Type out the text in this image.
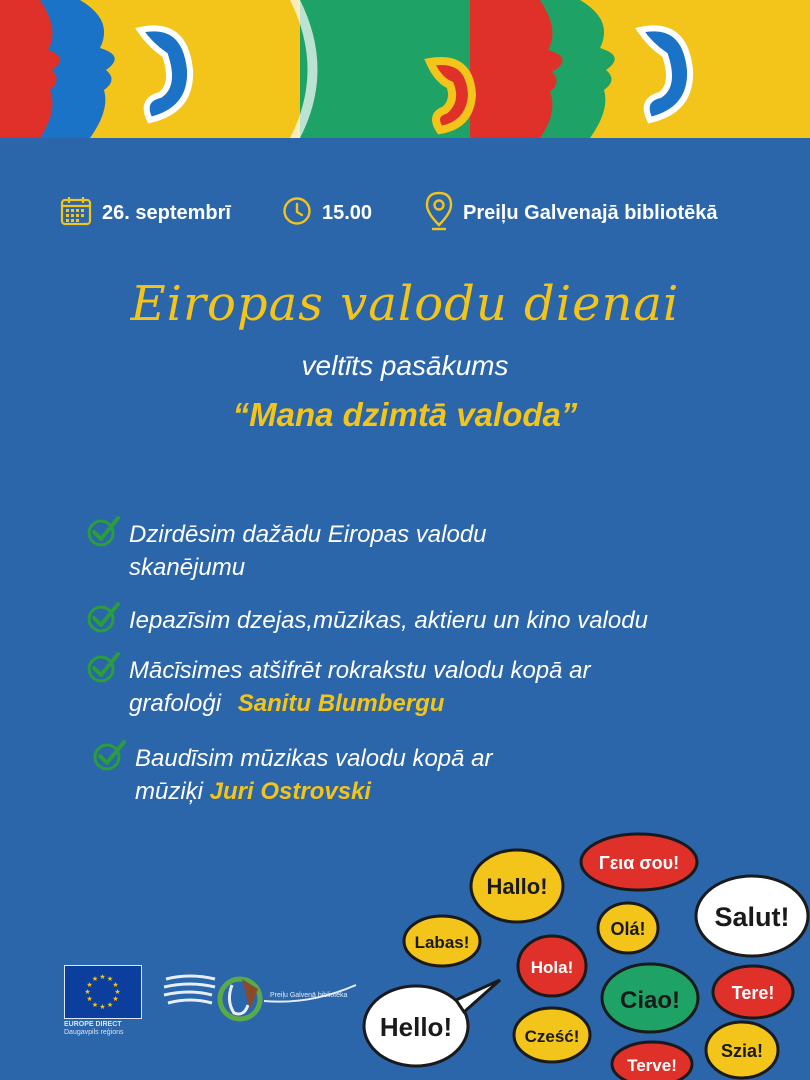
26. septembrī	15.00	Preiļu Galvenajā bibliotēkā
Eiropas valodu dienai
veltīts pasākums
“Mana dzimtā valoda”
Dzirdēsim dažādu Eiropas valodu
skanējumu
Iepazīsim dzejas,mūzikas, aktieru un kino valodu
Mācīsimes atšifrēt rokrakstu valodu kopā ar
grafoloģi Sanitu Blumbergu
Baudīsim mūzikas valodu kopā ar
mūziķi Juri Ostrovski
★ ★
★
★
★
★
★
★
★
★
★
★
EUROPE DIRECT
Daugavpils reģions
Preiļu Galvenā bibliotēka
Hallo!
Γεια σου!
Salut!
Olá!
Labas!
Hola!
Ciao!	Tere!
Hello!	Cześć!
Terve!
Szia!
